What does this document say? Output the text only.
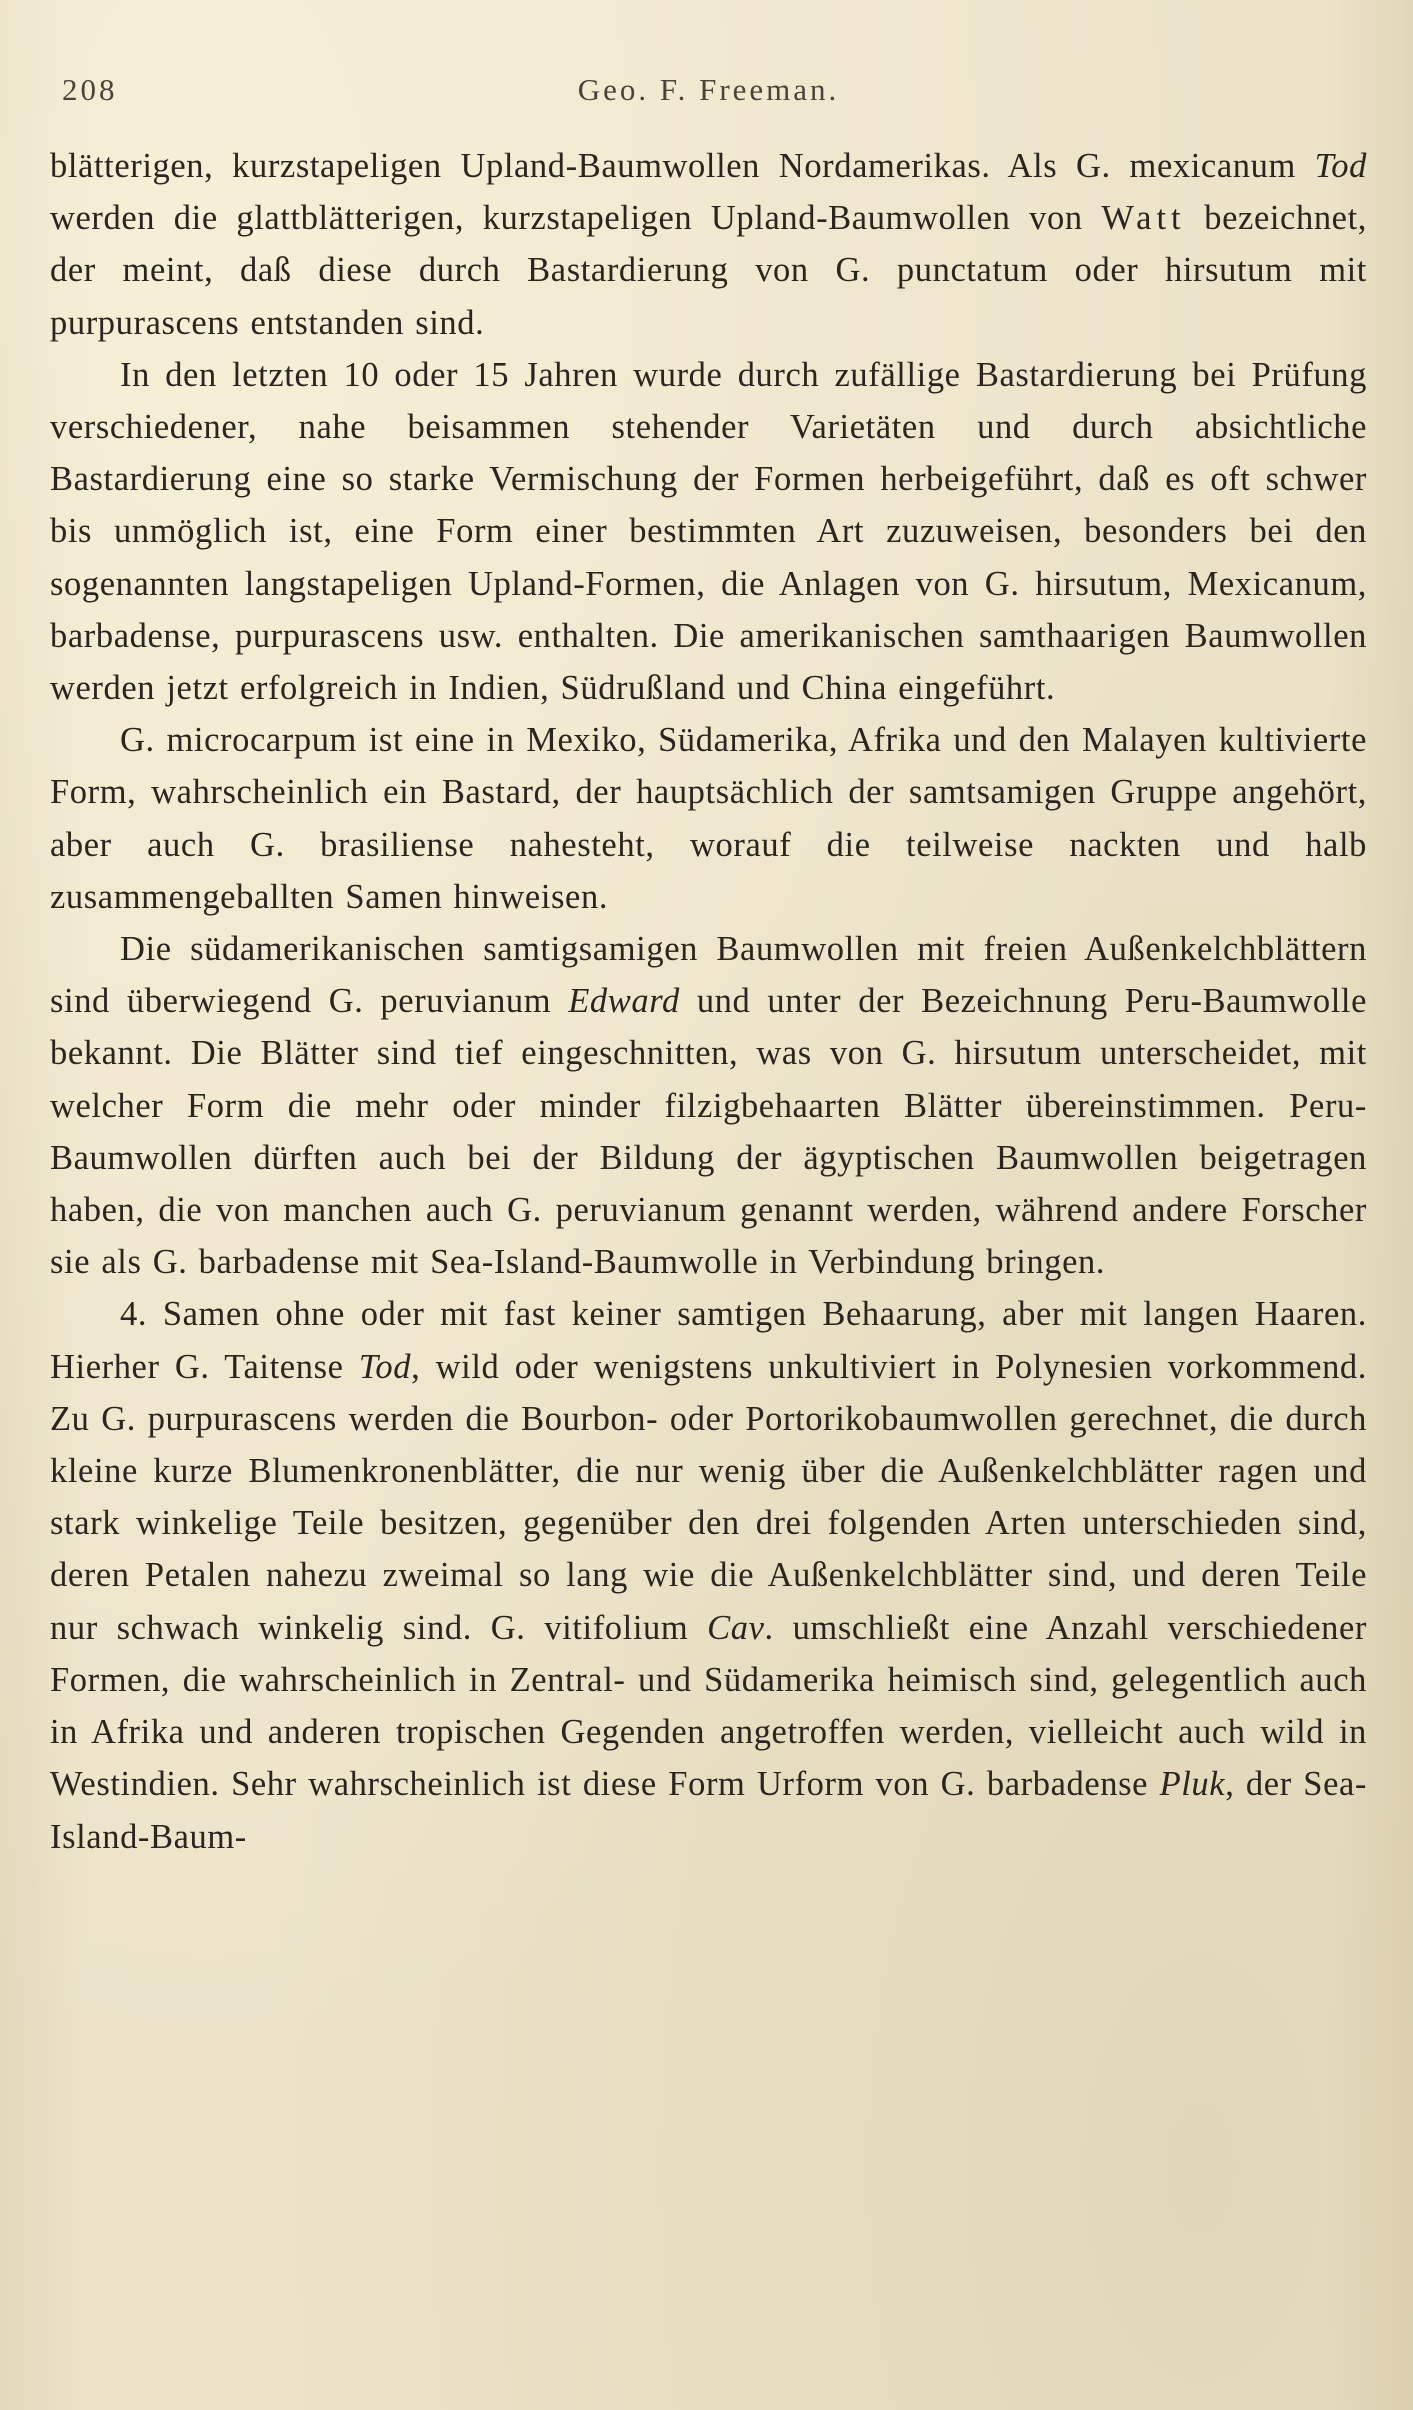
208	Geo. F. Freeman.

blätterigen, kurzstapeligen Upland-Baumwollen Nordamerikas. Als G. mexicanum Tod werden die glattblätterigen, kurzstapeligen Upland-Baumwollen von Watt bezeichnet, der meint, daß diese durch Bastardierung von G. punctatum oder hirsutum mit purpurascens entstanden sind.

In den letzten 10 oder 15 Jahren wurde durch zufällige Bastardierung bei Prüfung verschiedener, nahe beisammen stehender Varietäten und durch absichtliche Bastardierung eine so starke Vermischung der Formen herbeigeführt, daß es oft schwer bis unmöglich ist, eine Form einer bestimmten Art zuzuweisen, besonders bei den sogenannten langstapeligen Upland-Formen, die Anlagen von G. hirsutum, Mexicanum, barbadense, purpurascens usw. enthalten. Die amerikanischen samthaarigen Baumwollen werden jetzt erfolgreich in Indien, Südrußland und China eingeführt.

G. microcarpum ist eine in Mexiko, Südamerika, Afrika und den Malayen kultivierte Form, wahrscheinlich ein Bastard, der hauptsächlich der samtsamigen Gruppe angehört, aber auch G. brasiliense nahesteht, worauf die teilweise nackten und halb zusammengeballten Samen hinweisen.

Die südamerikanischen samtigsamigen Baumwollen mit freien Außenkelchblättern sind überwiegend G. peruvianum Edward und unter der Bezeichnung Peru-Baumwolle bekannt. Die Blätter sind tief eingeschnitten, was von G. hirsutum unterscheidet, mit welcher Form die mehr oder minder filzigbehaarten Blätter übereinstimmen. Peru-Baumwollen dürften auch bei der Bildung der ägyptischen Baumwollen beigetragen haben, die von manchen auch G. peruvianum genannt werden, während andere Forscher sie als G. barbadense mit Sea-Island-Baumwolle in Verbindung bringen.

4. Samen ohne oder mit fast keiner samtigen Behaarung, aber mit langen Haaren. Hierher G. Taitense Tod, wild oder wenigstens unkultiviert in Polynesien vorkommend. Zu G. purpurascens werden die Bourbon- oder Portorikobaumwollen gerechnet, die durch kleine kurze Blumenkronenblätter, die nur wenig über die Außenkelchblätter ragen und stark winkelige Teile besitzen, gegenüber den drei folgenden Arten unterschieden sind, deren Petalen nahezu zweimal so lang wie die Außenkelchblätter sind, und deren Teile nur schwach winkelig sind. G. vitifolium Cav. umschließt eine Anzahl verschiedener Formen, die wahrscheinlich in Zentral- und Südamerika heimisch sind, gelegentlich auch in Afrika und anderen tropischen Gegenden angetroffen werden, vielleicht auch wild in Westindien. Sehr wahrscheinlich ist diese Form Urform von G. barbadense Pluk, der Sea-Island-Baum-
